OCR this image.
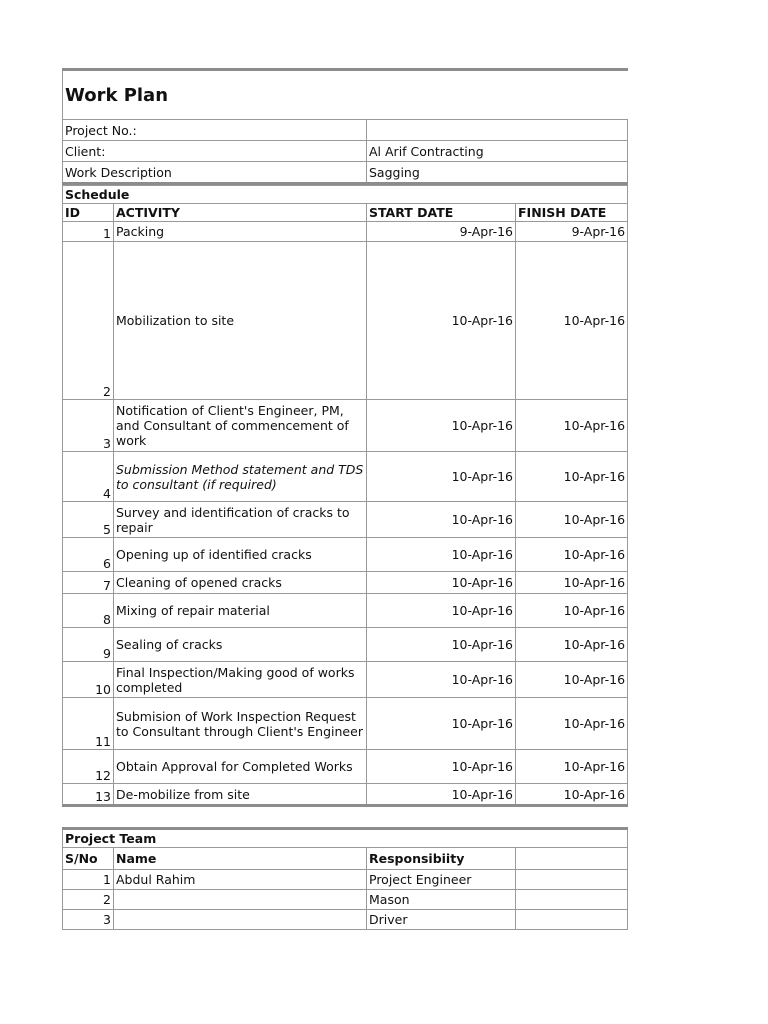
Work Plan	
Project No.:	
Client:	Al Arif Contracting
Work Description	Sagging
Schedule			
ID	ACTIVITY	START DATE	FINISH DATE
1	Packing	9-Apr-16	9-Apr-16
2	Mobilization to site	10-Apr-16	10-Apr-16
3	Notification of Client's Engineer, PM, and Consultant of commencement of work	10-Apr-16	10-Apr-16
4	Submission Method statement and TDS to consultant (if required)	10-Apr-16	10-Apr-16
5	Survey and identification of cracks to repair	10-Apr-16	10-Apr-16
6	Opening up of identified cracks	10-Apr-16	10-Apr-16
7	Cleaning of opened cracks	10-Apr-16	10-Apr-16
8	Mixing of repair material	10-Apr-16	10-Apr-16
9	Sealing of cracks	10-Apr-16	10-Apr-16
10	Final Inspection/Making good of works completed	10-Apr-16	10-Apr-16
11	Submision of Work Inspection Request to Consultant through Client's Engineer	10-Apr-16	10-Apr-16
12	Obtain Approval for Completed Works	10-Apr-16	10-Apr-16
13	De-mobilize from site	10-Apr-16	10-Apr-16
Project Team			
S/No	Name	Responsibiity	
1	Abdul Rahim	Project Engineer	
2		Mason	
3		Driver	
